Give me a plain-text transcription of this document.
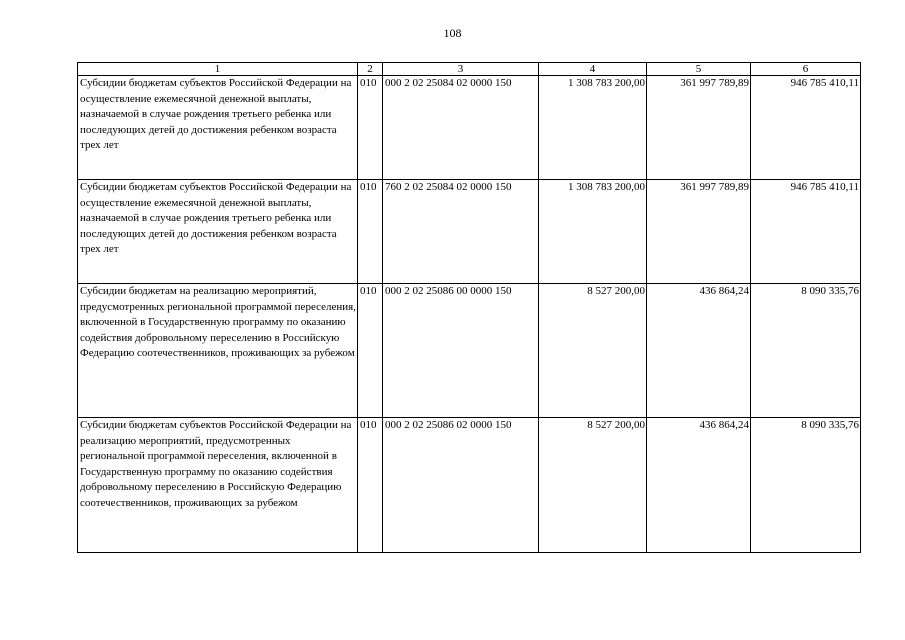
108
1	2	3	4	5	6
Субсидии бюджетам субъектов Российской Федерации на осуществление ежемесячной денежной выплаты, назначаемой в случае рождения третьего ребенка или последующих детей до достижения ребенком возраста трех лет	010	000 2 02 25084 02 0000 150	1 308 783 200,00	361 997 789,89	946 785 410,11
Субсидии бюджетам субъектов Российской Федерации на осуществление ежемесячной денежной выплаты, назначаемой в случае рождения третьего ребенка или последующих детей до достижения ребенком возраста трех лет	010	760 2 02 25084 02 0000 150	1 308 783 200,00	361 997 789,89	946 785 410,11
Субсидии бюджетам на реализацию мероприятий, предусмотренных региональной программой переселения, включенной в Государственную программу по оказанию содействия добровольному переселению в Российскую Федерацию соотечественников, проживающих за рубежом	010	000 2 02 25086 00 0000 150	8 527 200,00	436 864,24	8 090 335,76
Субсидии бюджетам субъектов Российской Федерации на реализацию мероприятий, предусмотренных региональной программой переселения, включенной в Государственную программу по оказанию содействия добровольному переселению в Российскую Федерацию соотечественников, проживающих за рубежом	010	000 2 02 25086 02 0000 150	8 527 200,00	436 864,24	8 090 335,76
